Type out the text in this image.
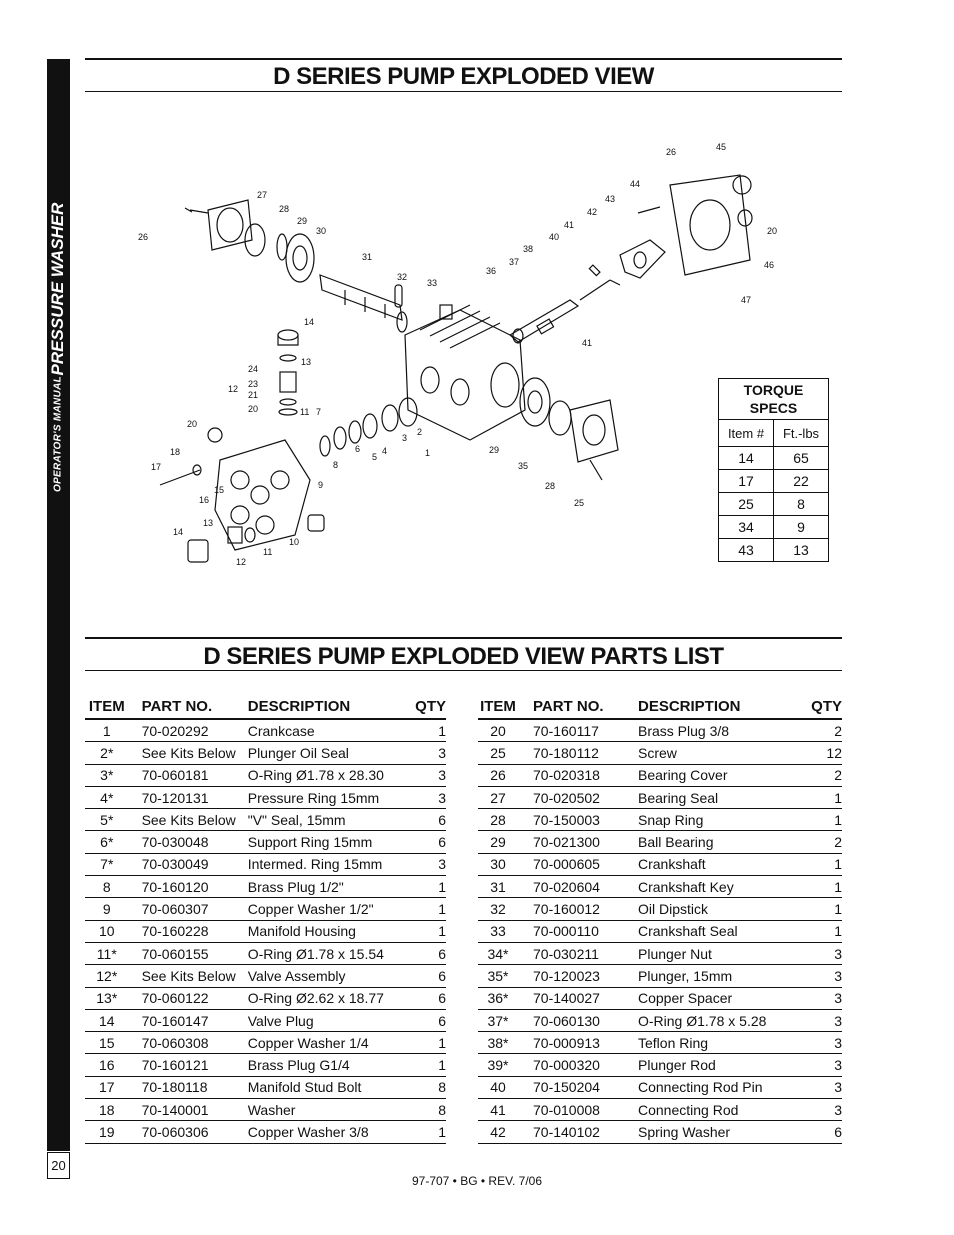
PRESSURE WASHER
OPERATOR'S MANUAL
20
D SERIES PUMP EXPLODED VIEW
26
27
28
29
30
31
32
33
36
37
38
40
41
42
43
44
26	45
20
46
47
41
14
13
12
24
23
21
20	11 7
2
3
4
5
6
8
9
10
11
12
13
14
16
15
17
18
20
1	29
35
28
25
TORQUE
SPECS	
Item #	Ft.-lbs
14	65
17	22
25	8
34	9
43	13
D SERIES PUMP EXPLODED VIEW PARTS LIST
ITEM	PART NO.	DESCRIPTION	QTY
1	70-020292	Crankcase	1
2*	See Kits Below	Plunger Oil Seal	3
3*	70-060181	O-Ring Ø1.78 x 28.30	3
4*	70-120131	Pressure Ring 15mm	3
5*	See Kits Below	"V" Seal, 15mm	6
6*	70-030048	Support Ring 15mm	6
7*	70-030049	Intermed. Ring 15mm	3
8	70-160120	Brass Plug 1/2"	1
9	70-060307	Copper Washer 1/2"	1
10	70-160228	Manifold Housing	1
11*	70-060155	O-Ring Ø1.78 x 15.54	6
12*	See Kits Below	Valve Assembly	6
13*	70-060122	O-Ring Ø2.62 x 18.77	6
14	70-160147	Valve Plug	6
15	70-060308	Copper Washer 1/4	1
16	70-160121	Brass Plug G1/4	1
17	70-180118	Manifold Stud Bolt	8
18	70-140001	Washer	8
19	70-060306	Copper Washer 3/8	1
ITEM	PART NO.	DESCRIPTION	QTY
20	70-160117	Brass Plug 3/8	2
25	70-180112	Screw	12
26	70-020318	Bearing Cover	2
27	70-020502	Bearing Seal	1
28	70-150003	Snap Ring	1
29	70-021300	Ball Bearing	2
30	70-000605	Crankshaft	1
31	70-020604	Crankshaft Key	1
32	70-160012	Oil Dipstick	1
33	70-000110	Crankshaft Seal	1
34*	70-030211	Plunger Nut	3
35*	70-120023	Plunger, 15mm	3
36*	70-140027	Copper Spacer	3
37*	70-060130	O-Ring Ø1.78 x 5.28	3
38*	70-000913	Teflon Ring	3
39*	70-000320	Plunger Rod	3
40	70-150204	Connecting Rod Pin	3
41	70-010008	Connecting Rod	3
42	70-140102	Spring Washer	6
97-707 • BG • REV. 7/06
